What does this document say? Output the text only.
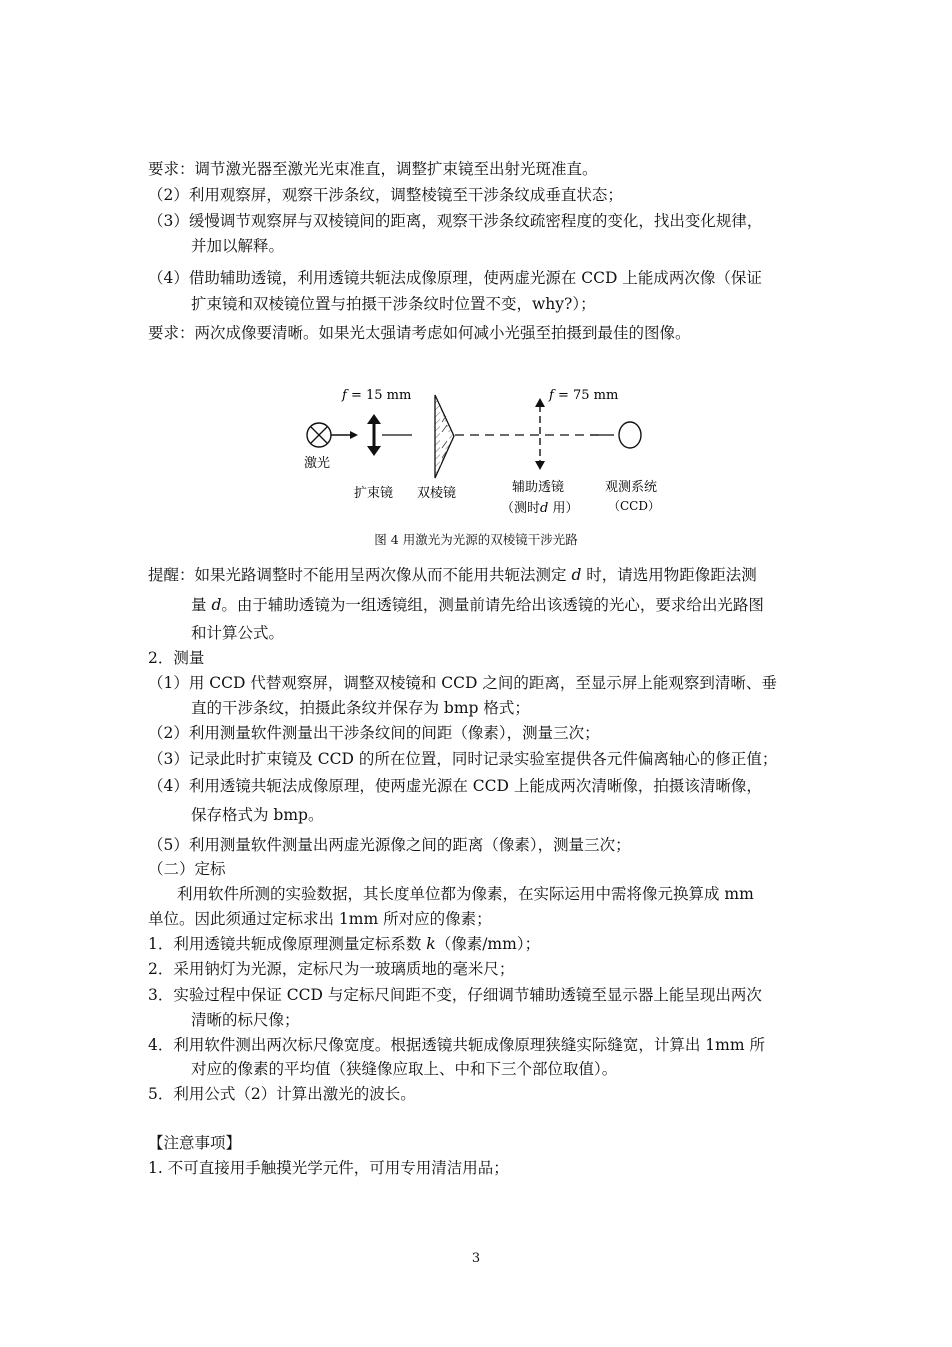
要求：调节激光器至激光光束准直，调整扩束镜至出射光斑准直。
（2）利用观察屏，观察干涉条纹，调整棱镜至干涉条纹成垂直状态；
（3）缓慢调节观察屏与双棱镜间的距离，观察干涉条纹疏密程度的变化，找出变化规律，
并加以解释。
（4）借助辅助透镜，利用透镜共轭法成像原理，使两虚光源在 CCD 上能成两次像（保证
扩束镜和双棱镜位置与拍摄干涉条纹时位置不变，why?）；
要求：两次成像要清晰。如果光太强请考虑如何减小光强至拍摄到最佳的图像。
f = 15 mm	f = 75 mm
激光
扩束镜 双棱镜	辅助透镜
（测时d 用）
观测系统
（CCD）
图 4 用激光为光源的双棱镜干涉光路
提醒：如果光路调整时不能用呈两次像从而不能用共轭法测定 d 时，请选用物距像距法测
量 d。由于辅助透镜为一组透镜组，测量前请先给出该透镜的光心，要求给出光路图
和计算公式。
2．测量
（1）用 CCD 代替观察屏，调整双棱镜和 CCD 之间的距离，至显示屏上能观察到清晰、垂
直的干涉条纹，拍摄此条纹并保存为 bmp 格式；
（2）利用测量软件测量出干涉条纹间的间距（像素），测量三次；
（3）记录此时扩束镜及 CCD 的所在位置，同时记录实验室提供各元件偏离轴心的修正值；
（4）利用透镜共轭法成像原理，使两虚光源在 CCD 上能成两次清晰像，拍摄该清晰像，
保存格式为 bmp。
（5）利用测量软件测量出两虚光源像之间的距离（像素），测量三次；
（二）定标
利用软件所测的实验数据，其长度单位都为像素，在实际运用中需将像元换算成 mm
单位。因此须通过定标求出 1mm 所对应的像素；
1．利用透镜共轭成像原理测量定标系数 k（像素/mm）；
2．采用钠灯为光源，定标尺为一玻璃质地的毫米尺；
3．实验过程中保证 CCD 与定标尺间距不变，仔细调节辅助透镜至显示器上能呈现出两次
清晰的标尺像；
4．利用软件测出两次标尺像宽度。根据透镜共轭成像原理狭缝实际缝宽，计算出 1mm 所
对应的像素的平均值（狭缝像应取上、中和下三个部位取值）。
5．利用公式（2）计算出激光的波长。
【注意事项】
1. 不可直接用手触摸光学元件，可用专用清洁用品；
3
